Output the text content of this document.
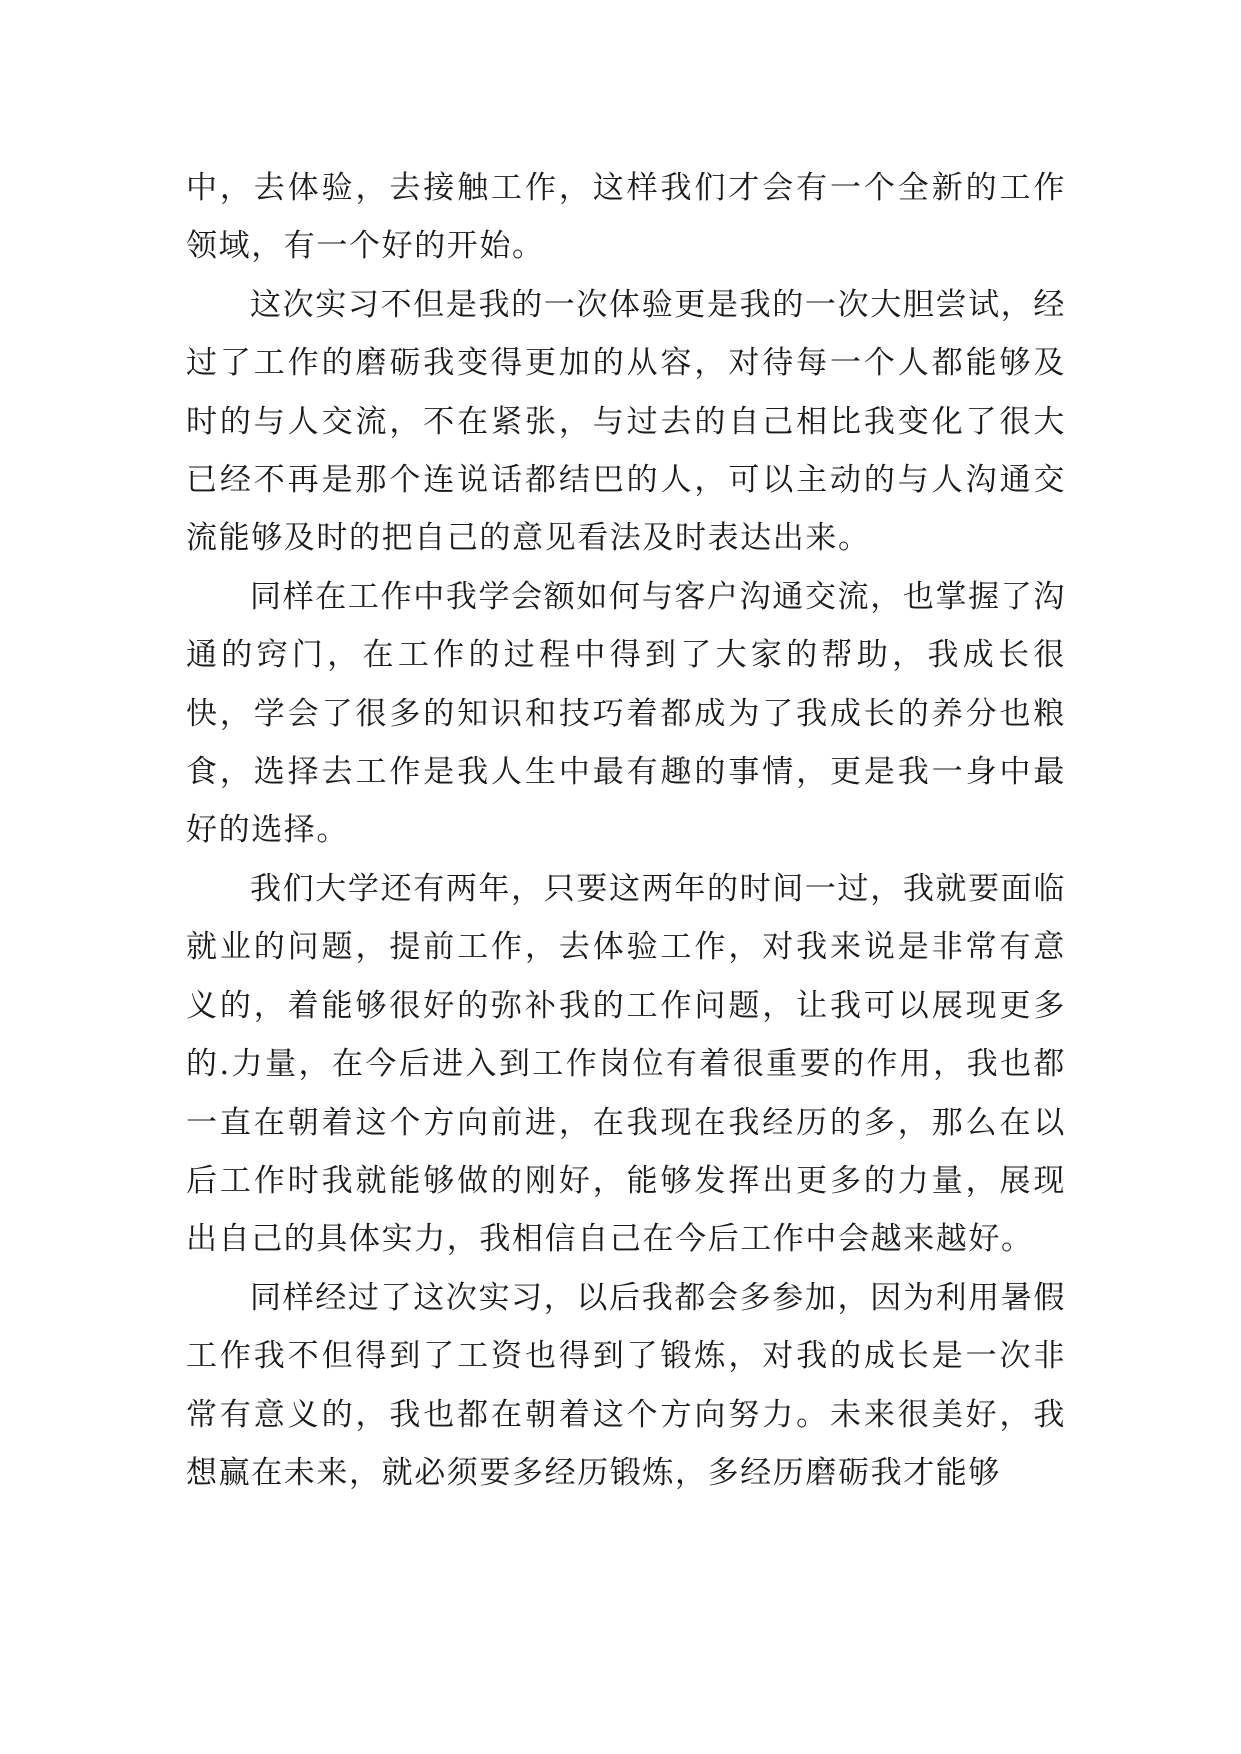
中，去体验，去接触工作，这样我们才会有一个全新的工作领域，有一个好的开始。

这次实习不但是我的一次体验更是我的一次大胆尝试，经过了工作的磨砺我变得更加的从容，对待每一个人都能够及时的与人交流，不在紧张，与过去的自己相比我变化了很大已经不再是那个连说话都结巴的人，可以主动的与人沟通交流能够及时的把自己的意见看法及时表达出来。

同样在工作中我学会额如何与客户沟通交流，也掌握了沟通的窍门，在工作的过程中得到了大家的帮助，我成长很快，学会了很多的知识和技巧着都成为了我成长的养分也粮食，选择去工作是我人生中最有趣的事情，更是我一身中最好的选择。

我们大学还有两年，只要这两年的时间一过，我就要面临就业的问题，提前工作，去体验工作，对我来说是非常有意义的，着能够很好的弥补我的工作问题，让我可以展现更多的.力量，在今后进入到工作岗位有着很重要的作用，我也都一直在朝着这个方向前进，在我现在我经历的多，那么在以后工作时我就能够做的刚好，能够发挥出更多的力量，展现出自己的具体实力，我相信自己在今后工作中会越来越好。

同样经过了这次实习，以后我都会多参加，因为利用暑假工作我不但得到了工资也得到了锻炼，对我的成长是一次非常有意义的，我也都在朝着这个方向努力。未来很美好，我想赢在未来，就必须要多经历锻炼，多经历磨砺我才能够
